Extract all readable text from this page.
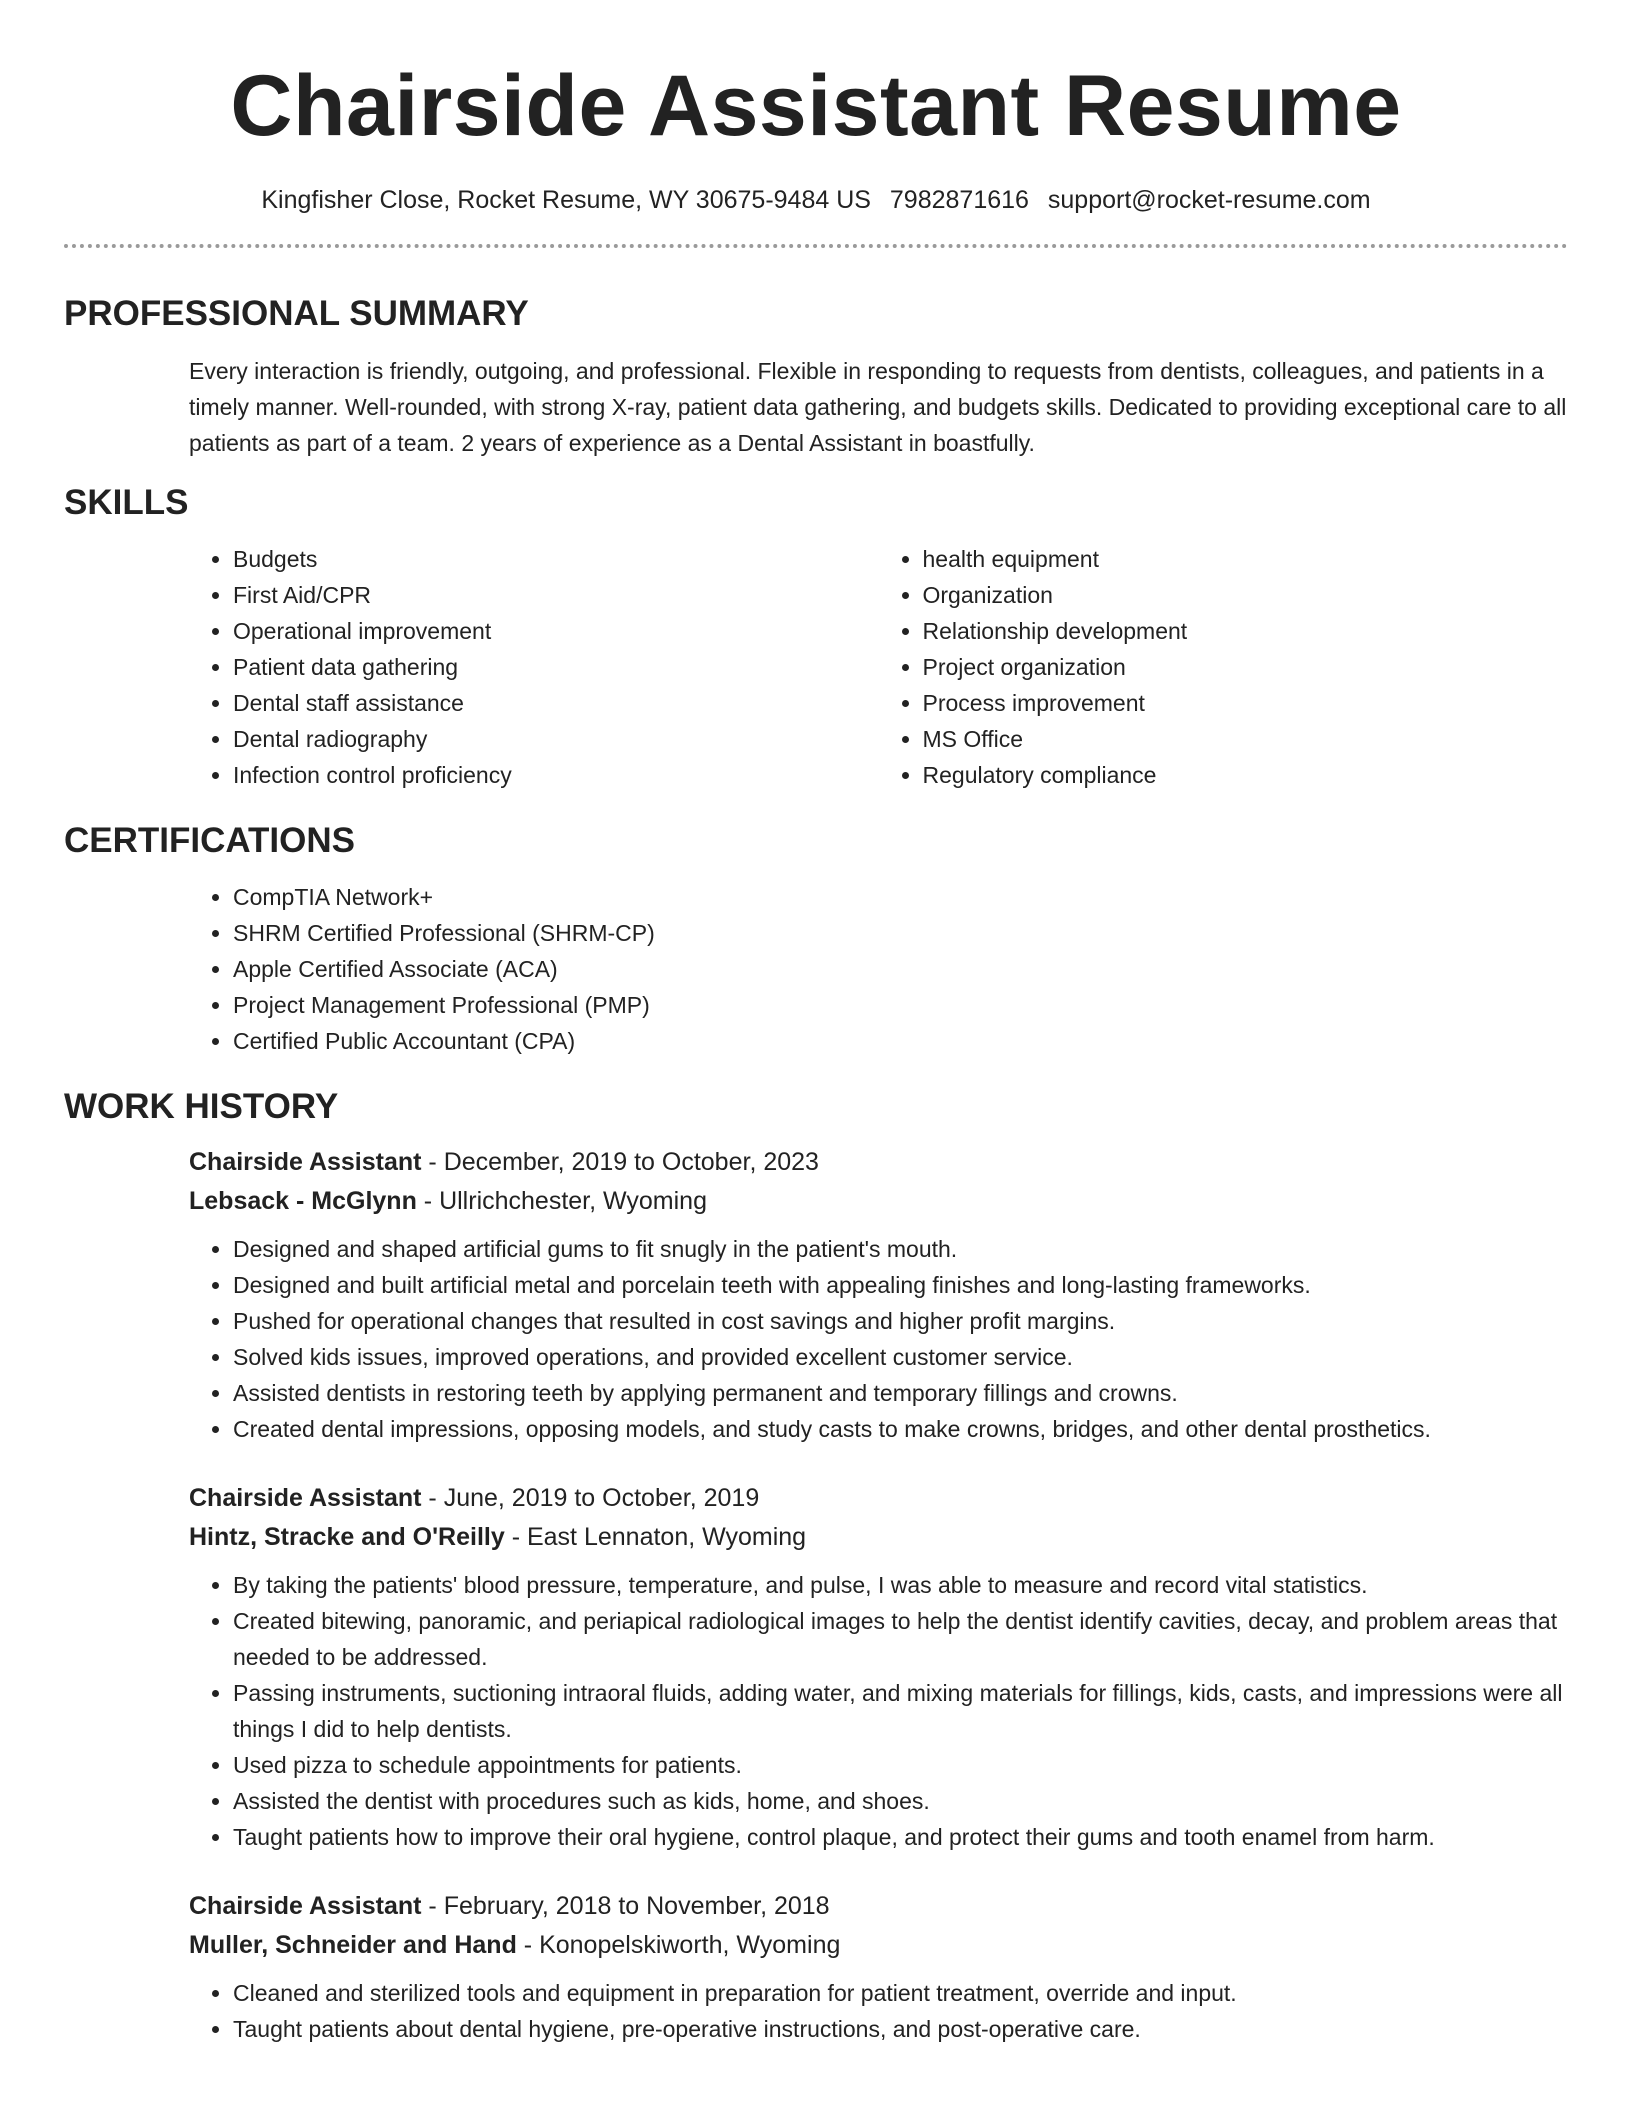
Chairside Assistant Resume
Kingfisher Close, Rocket Resume, WY 30675-9484 US 7982871616 support@rocket-resume.com
PROFESSIONAL SUMMARY

Every interaction is friendly, outgoing, and professional. Flexible in responding to requests from dentists, colleagues, and patients in a timely manner. Well-rounded, with strong X-ray, patient data gathering, and budgets skills. Dedicated to providing exceptional care to all patients as part of a team. 2 years of experience as a Dental Assistant in boastfully.

SKILLS
• Budgets
• First Aid/CPR
• Operational improvement
• Patient data gathering
• Dental staff assistance
• Dental radiography
• Infection control proficiency
• health equipment
• Organization
• Relationship development
• Project organization
• Process improvement
• MS Office
• Regulatory compliance
CERTIFICATIONS
• CompTIA Network+
• SHRM Certified Professional (SHRM-CP)
• Apple Certified Associate (ACA)
• Project Management Professional (PMP)
• Certified Public Accountant (CPA)
WORK HISTORY
Chairside Assistant - December, 2019 to October, 2023
Lebsack - McGlynn - Ullrichchester, Wyoming
• Designed and shaped artificial gums to fit snugly in the patient's mouth.
• Designed and built artificial metal and porcelain teeth with appealing finishes and long-lasting frameworks.
• Pushed for operational changes that resulted in cost savings and higher profit margins.
• Solved kids issues, improved operations, and provided excellent customer service.
• Assisted dentists in restoring teeth by applying permanent and temporary fillings and crowns.
• Created dental impressions, opposing models, and study casts to make crowns, bridges, and other dental prosthetics.
Chairside Assistant - June, 2019 to October, 2019
Hintz, Stracke and O'Reilly - East Lennaton, Wyoming
• By taking the patients' blood pressure, temperature, and pulse, I was able to measure and record vital statistics.
• Created bitewing, panoramic, and periapical radiological images to help the dentist identify cavities, decay, and problem areas that needed to be addressed.
• Passing instruments, suctioning intraoral fluids, adding water, and mixing materials for fillings, kids, casts, and impressions were all things I did to help dentists.
• Used pizza to schedule appointments for patients.
• Assisted the dentist with procedures such as kids, home, and shoes.
• Taught patients how to improve their oral hygiene, control plaque, and protect their gums and tooth enamel from harm.
Chairside Assistant - February, 2018 to November, 2018
Muller, Schneider and Hand - Konopelskiworth, Wyoming
• Cleaned and sterilized tools and equipment in preparation for patient treatment, override and input.
• Taught patients about dental hygiene, pre-operative instructions, and post-operative care.
